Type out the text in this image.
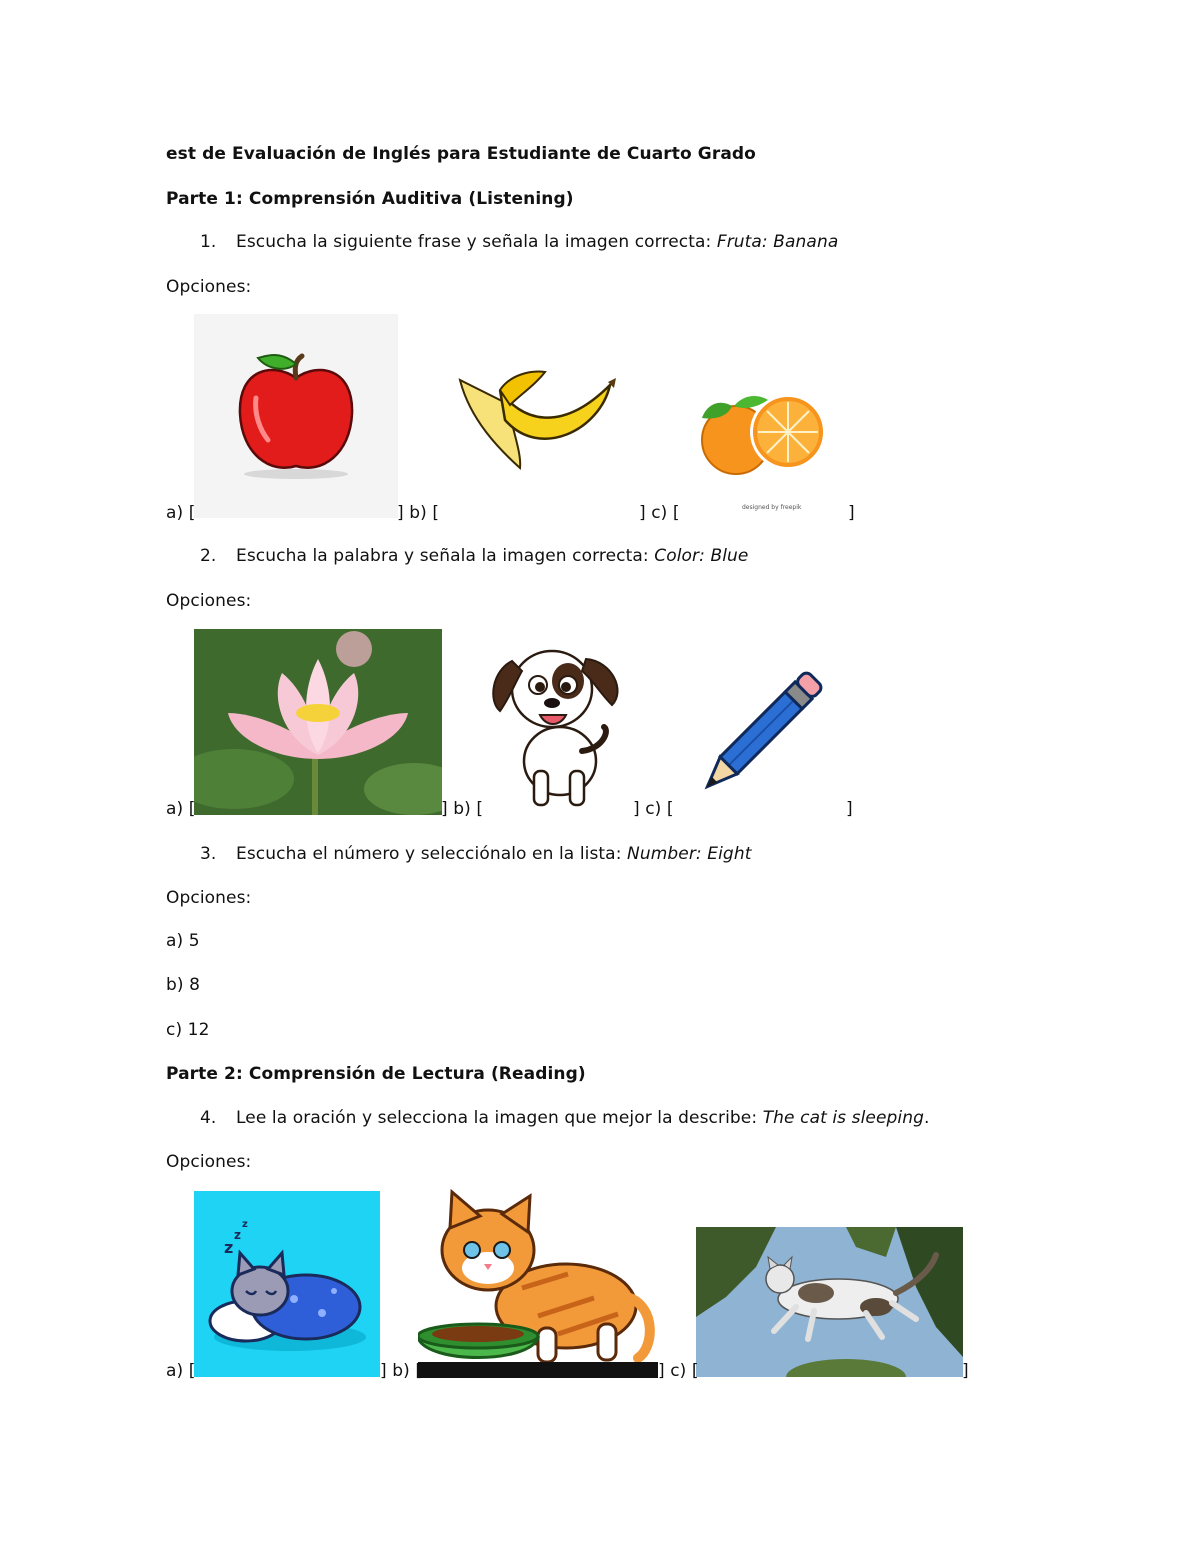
est de Evaluación de Inglés para Estudiante de Cuarto Grado
Parte 1: Comprensión Auditiva (Listening)
1. Escucha la siguiente frase y señala la imagen correcta: Fruta: Banana
Opciones:
designed by freepik
a) [	] b) [	] c) [	]
2. Escucha la palabra y señala la imagen correcta: Color: Blue
Opciones:
a) [	] b) [	] c) [	]
3. Escucha el número y selecciónalo en la lista: Number: Eight
Opciones:
a) 5
b) 8
c) 12
Parte 2: Comprensión de Lectura (Reading)
4. Lee la oración y selecciona la imagen que mejor la describe: The cat is sleeping.
Opciones:
z
z
z
a) [	] b) [	] c) [	]
